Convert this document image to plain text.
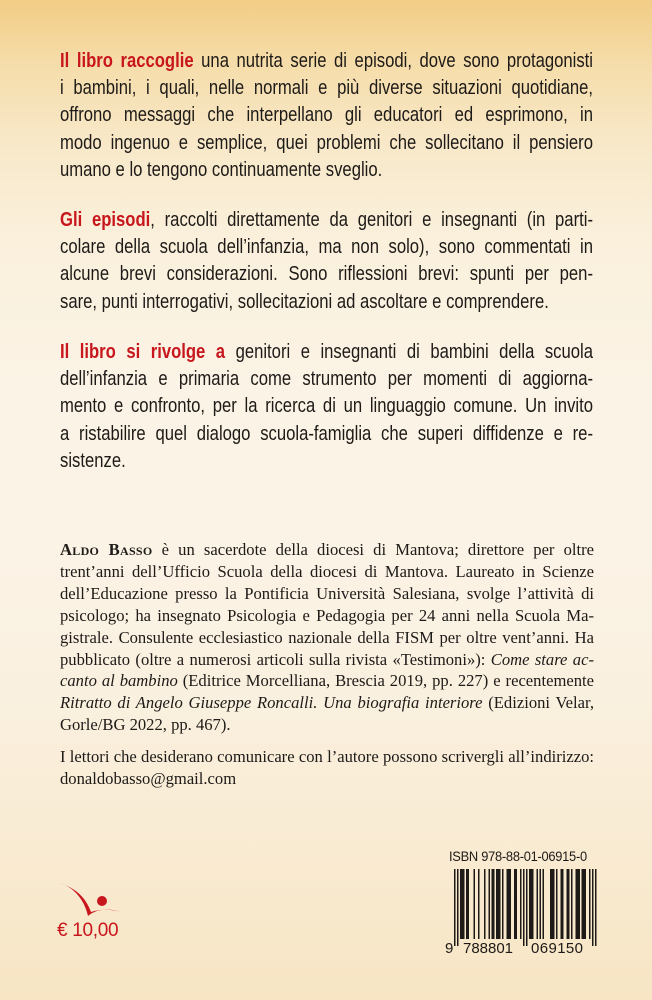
Il libro raccoglie una nutrita serie di episodi, dove sono protagonisti
i bambini, i quali, nelle normali e più diverse situazioni quotidiane,
offrono messaggi che interpellano gli educatori ed esprimono, in
modo ingenuo e semplice, quei problemi che sollecitano il pensiero
umano e lo tengono continuamente sveglio.
Gli episodi, raccolti direttamente da genitori e insegnanti (in parti-
colare della scuola dell’infanzia, ma non solo), sono commentati in
alcune brevi considerazioni. Sono riflessioni brevi: spunti per pen-
sare, punti interrogativi, sollecitazioni ad ascoltare e comprendere.
Il libro si rivolge a genitori e insegnanti di bambini della scuola
dell’infanzia e primaria come strumento per momenti di aggiorna-
mento e confronto, per la ricerca di un linguaggio comune. Un invito
a ristabilire quel dialogo scuola-famiglia che superi diffidenze e re-
sistenze.
Aldo Basso è un sacerdote della diocesi di Mantova; direttore per oltre
trent’anni dell’Ufficio Scuola della diocesi di Mantova. Laureato in Scienze
dell’Educazione presso la Pontificia Università Salesiana, svolge l’attività di
psicologo; ha insegnato Psicologia e Pedagogia per 24 anni nella Scuola Ma-
gistrale. Consulente ecclesiastico nazionale della FISM per oltre vent’anni. Ha
pubblicato (oltre a numerosi articoli sulla rivista «Testimoni»): Come stare ac-
canto al bambino (Editrice Morcelliana, Brescia 2019, pp. 227) e recentemente
Ritratto di Angelo Giuseppe Roncalli. Una biografia interiore (Edizioni Velar,
Gorle/BG 2022, pp. 467).
I lettori che desiderano comunicare con l’autore possono scrivergli all’indirizzo:
donaldobasso@gmail.com
€ 10,00
ISBN 978-88-01-06915-0
9 788801 069150
